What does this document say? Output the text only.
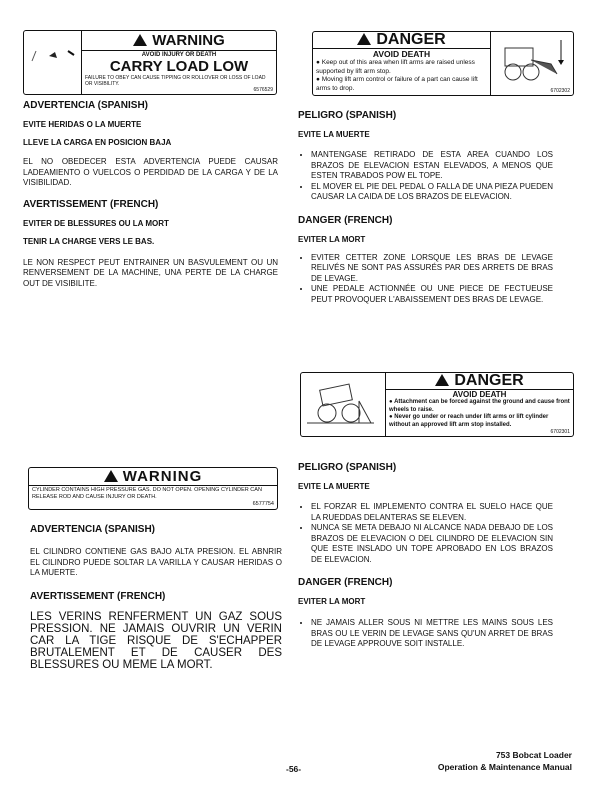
WARNING
AVOID INJURY OR DEATH
CARRY LOAD LOW
FAILURE TO OBEY CAN CAUSE TIPPING OR ROLLOVER OR LOSS OF LOAD OR VISIBILITY.
6576529
ADVERTENCIA (SPANISH)
EVITE HERIDAS O LA MUERTE
LLEVE LA CARGA EN POSICION BAJA
EL NO OBEDECER ESTA ADVERTENCIA PUEDE CAUSAR LADEAMIENTO O VUELCOS O PERDIDAD DE LA CARGA Y DE LA VISIBILIDAD.
AVERTISSEMENT (FRENCH)
EVITER DE BLESSURES OU LA MORT
TENIR LA CHARGE VERS LE BAS.
LE NON RESPECT PEUT ENTRAINER UN BASVULEMENT OU UN RENVERSEMENT DE LA MACHINE, UNA PERTE DE LA CHARGE OUT DE VISIBILITE.
DANGER
AVOID DEATH
● Keep out of this area when lift arms are raised unless supported by lift arm stop.
● Moving lift arm control or failure of a part can cause lift arms to drop.	6702302
PELIGRO (SPANISH)
EVITE LA MUERTE
• MANTENGASE RETIRADO DE ESTA AREA CUANDO LOS BRAZOS DE ELEVACION ESTAN ELEVADOS, A MENOS QUE ESTEN TRABADOS POW EL TOPE.
• EL MOVER EL PIE DEL PEDAL O FALLA DE UNA PIEZA PUEDEN CAUSAR LA CAIDA DE LOS BRAZOS DE ELEVACION.
DANGER (FRENCH)
EVITER LA MORT
• EVITER CETTER ZONE LORSQUE LES BRAS DE LEVAGE RELIVÉS NE SONT PAS ASSURÉS PAR DES ARRETS DE BRAS DE LEVAGE.
• UNE PEDALE ACTIONNÉE OU UNE PIECE DE FECTUEUSE PEUT PROVOQUER L'ABAISSEMENT DES BRAS DE LEVAGE.
DANGER
AVOID DEATH
● Attachment can be forced against the ground and cause front wheels to raise.
● Never go under or reach under lift arms or lift cylinder without an approved lift arm stop installed.
6702301
PELIGRO (SPANISH)
EVITE LA MUERTE
• EL FORZAR EL IMPLEMENTO CONTRA EL SUELO HACE QUE LA RUEDDAS DELANTERAS SE ELEVEN.
• NUNCA SE META DEBAJO NI ALCANCE NADA DEBAJO DE LOS BRAZOS DE ELEVACION O DEL CILINDRO DE ELEVACION SIN QUE ESTE INSLADO UN TOPE APROBADO EN LOS BRAZOS DE ELEVACION.
DANGER (FRENCH)
EVITER LA MORT
• NE JAMAIS ALLER SOUS NI METTRE LES MAINS SOUS LES BRAS OU LE VERIN DE LEVAGE SANS QU'UN ARRET DE BRAS DE LEVAGE APPROUVE SOIT INSTALLE.
WARNING
CYLINDER CONTAINS HIGH PRESSURE GAS. DO NOT OPEN. OPENING CYLINDER CAN RELEASE ROD AND CAUSE INJURY OR DEATH.
6577754
ADVERTENCIA (SPANISH)
EL CILINDRO CONTIENE GAS BAJO ALTA PRESION. EL ABNRIR EL CILINDRO PUEDE SOLTAR LA VARILLA Y CAUSAR HERIDAS O LA MUERTE.
AVERTISSEMENT (FRENCH)
LES VERINS RENFERMENT UN GAZ SOUS PRESSION. NE JAMAIS OUVRIR UN VERIN CAR LA TIGE RISQUE DE S'ECHAPPER BRUTALEMENT ET DE CAUSER DES BLESSURES OU MEME LA MORT.
-56-
753 Bobcat Loader
Operation & Maintenance Manual
